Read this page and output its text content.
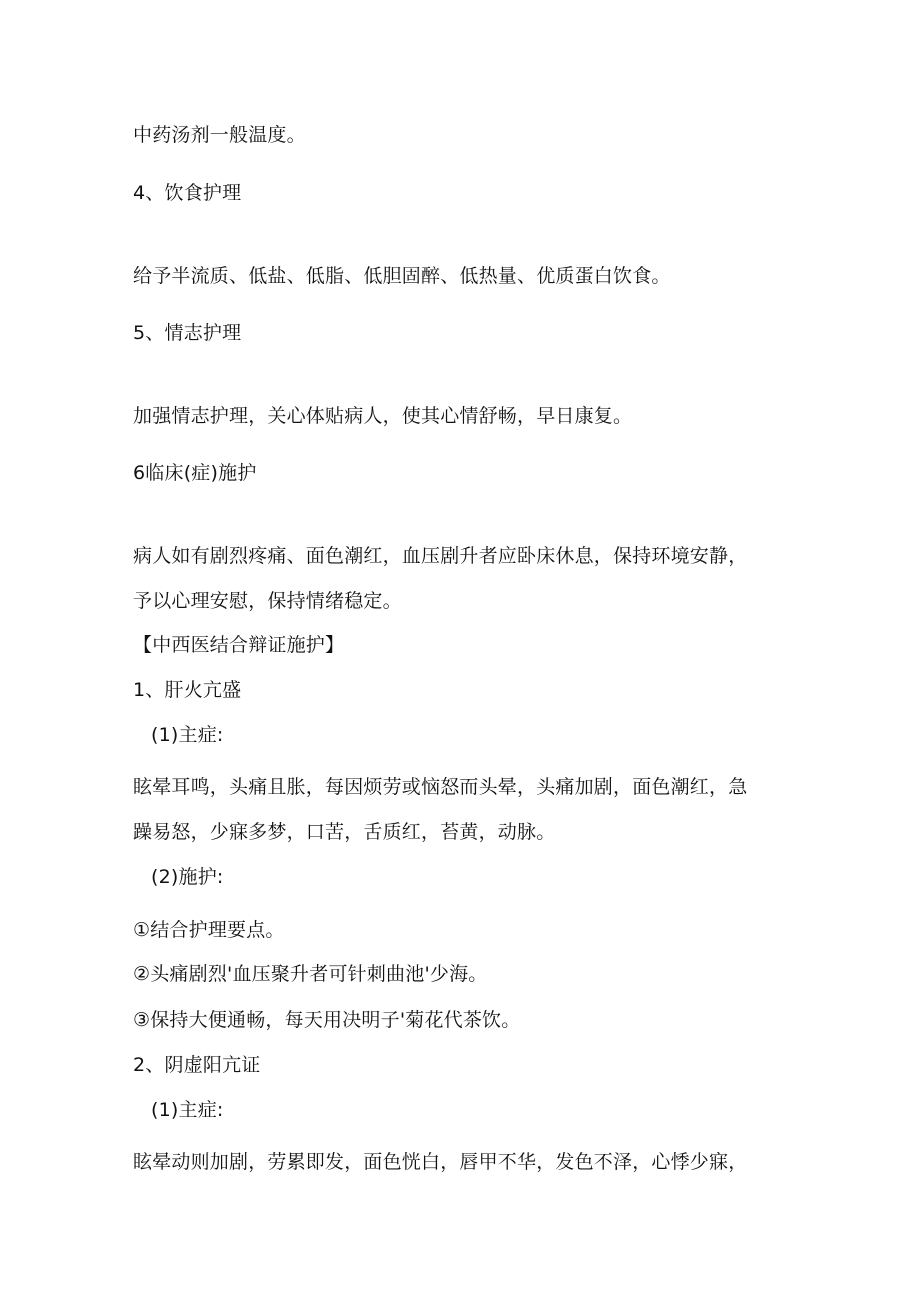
中药汤剂一般温度。
4、饮食护理
给予半流质、低盐、低脂、低胆固醉、低热量、优质蛋白饮食。
5、情志护理
加强情志护理，关心体贴病人，使其心情舒畅，早日康复。
6临床(症)施护
病人如有剧烈疼痛、面色潮红，血压剧升者应卧床休息，保持环境安静，
予以心理安慰，保持情绪稳定。
【中西医结合辩证施护】
1、肝火亢盛
(1)主症:
眩晕耳鸣，头痛且胀，每因烦劳或恼怒而头晕，头痛加剧，面色潮红，急
躁易怒，少寐多梦，口苦，舌质红，苔黄，动脉。
(2)施护:
①结合护理要点。
②头痛剧烈'血压聚升者可针刺曲池'少海。
③保持大便通畅，每天用决明子'菊花代茶饮。
2、阴虚阳亢证
(1)主症:
眩晕动则加剧，劳累即发，面色恍白，唇甲不华，发色不泽，心悸少寐，
